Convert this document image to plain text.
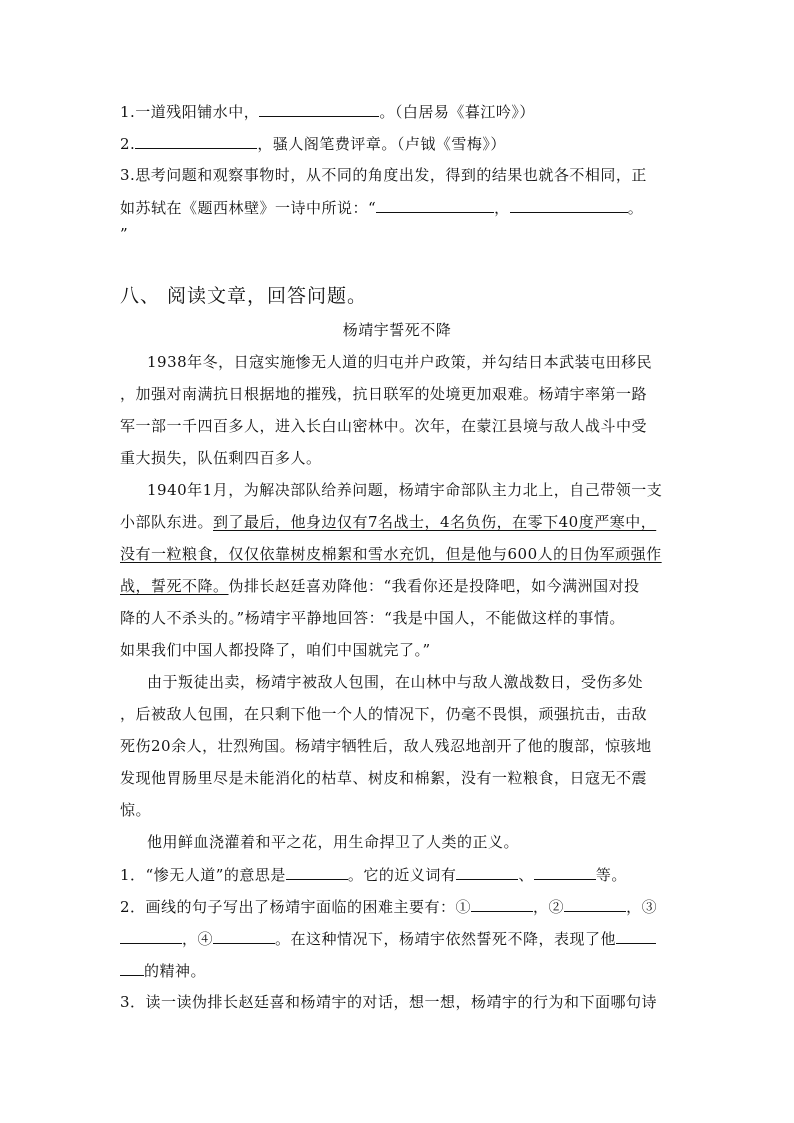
1.一道残阳铺水中，	。（白居易《暮江吟》）
2.	，骚人阁笔费评章。（卢钺《雪梅》）
3.思考问题和观察事物时，从不同的角度出发，得到的结果也就各不相同，正
如苏轼在《题西林壁》一诗中所说：“	，	。
”
八、 阅读文章，回答问题。
杨靖宇誓死不降
1938年冬，日寇实施惨无人道的归屯并户政策，并勾结日本武装屯田移民
，加强对南满抗日根据地的摧残，抗日联军的处境更加艰难。杨靖宇率第一路
军一部一千四百多人，进入长白山密林中。次年，在蒙江县境与敌人战斗中受
重大损失，队伍剩四百多人。
1940年1月，为解决部队给养问题，杨靖宇命部队主力北上，自己带领一支
小部队东进。到了最后，他身边仅有7名战士，4名负伤，在零下40度严寒中，
没有一粒粮食，仅仅依靠树皮棉絮和雪水充饥，但是他与600人的日伪军顽强作
战，誓死不降。伪排长赵廷喜劝降他：“我看你还是投降吧，如今满洲国对投
降的人不杀头的。”杨靖宇平静地回答：“我是中国人，不能做这样的事情。
如果我们中国人都投降了，咱们中国就完了。”
由于叛徒出卖，杨靖宇被敌人包围，在山林中与敌人激战数日，受伤多处
，后被敌人包围，在只剩下他一个人的情况下，仍毫不畏惧，顽强抗击，击敌
死伤20余人，壮烈殉国。杨靖宇牺牲后，敌人残忍地剖开了他的腹部，惊骇地
发现他胃肠里尽是未能消化的枯草、树皮和棉絮，没有一粒粮食，日寇无不震
惊。
他用鲜血浇灌着和平之花，用生命捍卫了人类的正义。
1．“惨无人道”的意思是	。它的近义词有	、	等。
2．画线的句子写出了杨靖宇面临的困难主要有：①	，②	，③
，④	。在这种情况下，杨靖宇依然誓死不降，表现了他
的精神。
3．读一读伪排长赵廷喜和杨靖宇的对话，想一想，杨靖宇的行为和下面哪句诗
